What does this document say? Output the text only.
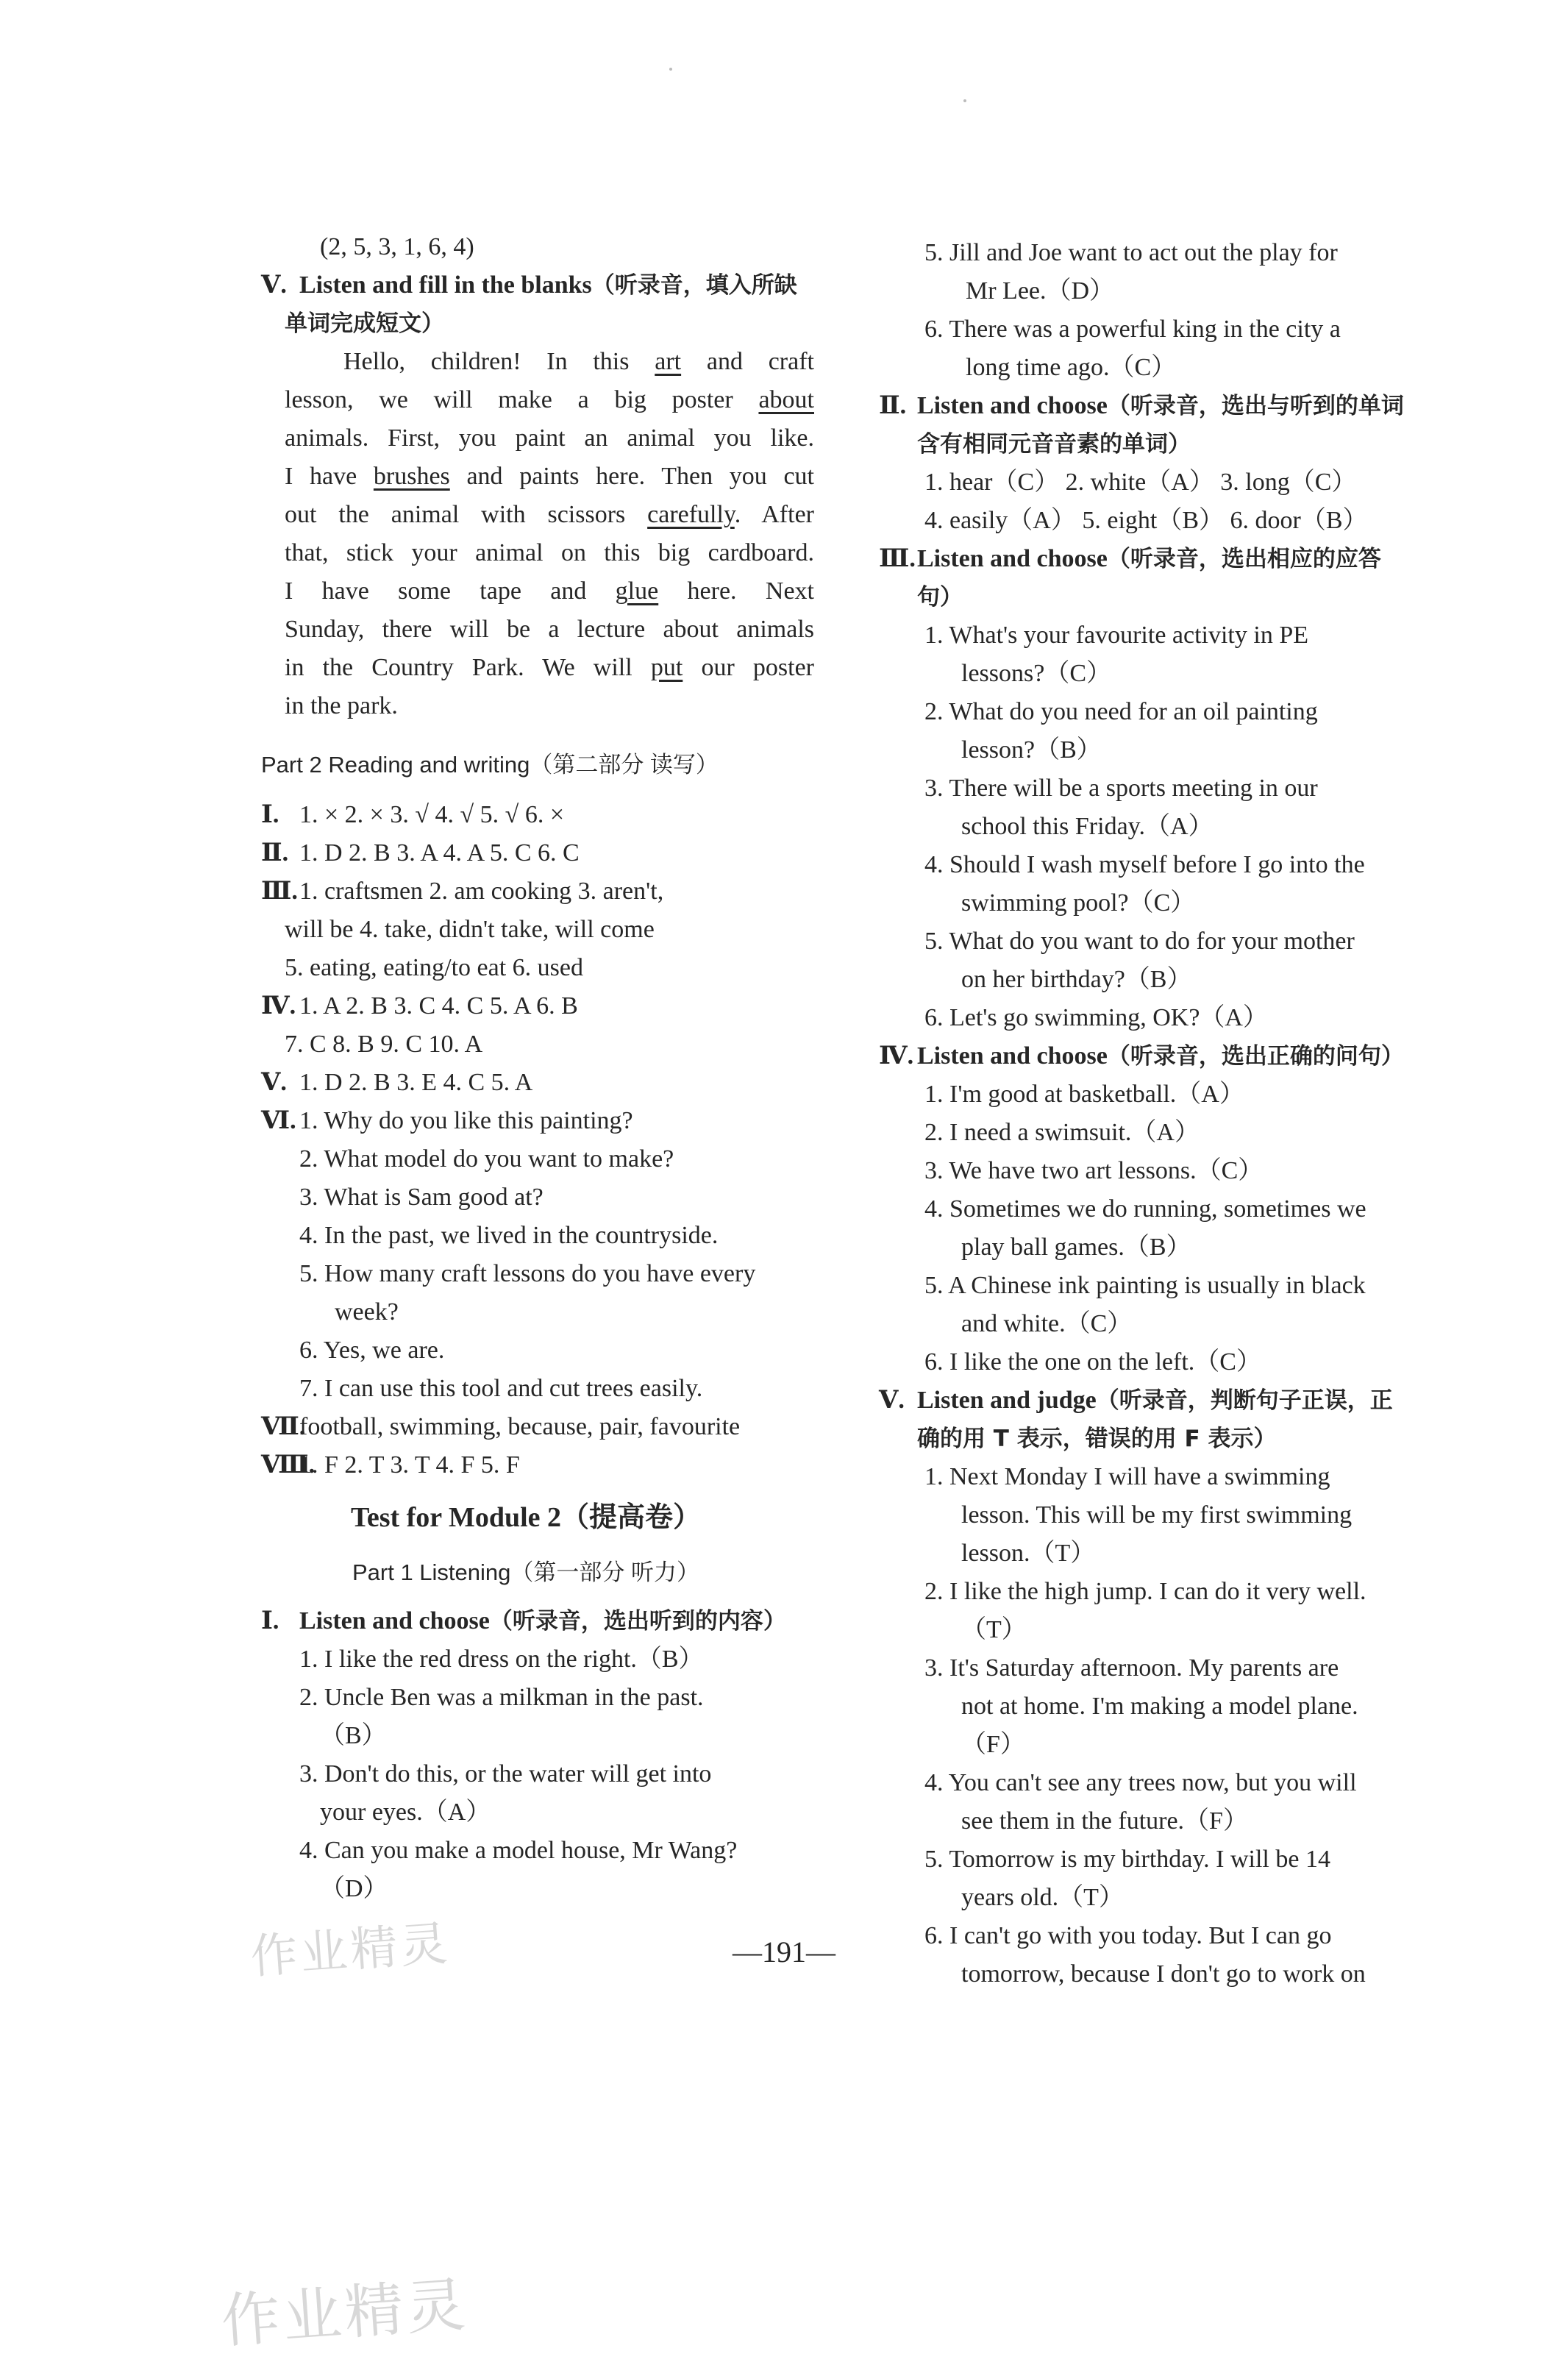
(2, 5, 3, 1, 6, 4)
Ⅴ. Listen and fill in the blanks（听录音，填入所缺
单词完成短文）
Hello, children! In this art and craft
lesson, we will make a big poster about
animals. First, you paint an animal you like.
I have brushes and paints here. Then you cut
out the animal with scissors carefully. After
that, stick your animal on this big cardboard.
I have some tape and glue here. Next
Sunday, there will be a lecture about animals
in the Country Park. We will put our poster
in the park.
Part 2 Reading and writing（第二部分 读写）
Ⅰ. 1. × 2. × 3. √ 4. √ 5. √ 6. ×
Ⅱ. 1. D 2. B 3. A 4. A 5. C 6. C
Ⅲ.1. craftsmen 2. am cooking 3. aren't,
will be 4. take, didn't take, will come
5. eating, eating/to eat 6. used
Ⅳ. 1. A 2. B 3. C 4. C 5. A 6. B
7. C 8. B 9. C 10. A
Ⅴ. 1. D 2. B 3. E 4. C 5. A
Ⅵ. 1. Why do you like this painting?
2. What model do you want to make?
3. What is Sam good at?
4. In the past, we lived in the countryside.
5. How many craft lessons do you have every
week?
6. Yes, we are.
7. I can use this tool and cut trees easily.
Ⅶ.football, swimming, because, pair, favourite
Ⅷ.1. F 2. T 3. T 4. F 5. F
Test for Module 2（提高卷）
Part 1 Listening（第一部分 听力）
Ⅰ. Listen and choose（听录音，选出听到的内容）
1. I like the red dress on the right.（B）
2. Uncle Ben was a milkman in the past.
（B）
3. Don't do this, or the water will get into
your eyes.（A）
4. Can you make a model house, Mr Wang?
（D）
5. Jill and Joe want to act out the play for
Mr Lee.（D）
6. There was a powerful king in the city a
long time ago.（C）
Ⅱ. Listen and choose（听录音，选出与听到的单词
含有相同元音音素的单词）
1. hear（C） 2. white（A） 3. long（C）
4. easily（A） 5. eight（B） 6. door（B）
Ⅲ.Listen and choose（听录音，选出相应的应答
句）
1. What's your favourite activity in PE
lessons?（C）
2. What do you need for an oil painting
lesson?（B）
3. There will be a sports meeting in our
school this Friday.（A）
4. Should I wash myself before I go into the
swimming pool?（C）
5. What do you want to do for your mother
on her birthday?（B）
6. Let's go swimming, OK?（A）
Ⅳ. Listen and choose（听录音，选出正确的问句）
1. I'm good at basketball.（A）
2. I need a swimsuit.（A）
3. We have two art lessons.（C）
4. Sometimes we do running, sometimes we
play ball games.（B）
5. A Chinese ink painting is usually in black
and white.（C）
6. I like the one on the left.（C）
Ⅴ. Listen and judge（听录音，判断句子正误，正
确的用 T 表示，错误的用 F 表示）
1. Next Monday I will have a swimming
lesson. This will be my first swimming
lesson.（T）
2. I like the high jump. I can do it very well.
（T）
3. It's Saturday afternoon. My parents are
not at home. I'm making a model plane.
（F）
4. You can't see any trees now, but you will
see them in the future.（F）
5. Tomorrow is my birthday. I will be 14
years old.（T）
6. I can't go with you today. But I can go
tomorrow, because I don't go to work on
—191—
作业精灵
作业精灵
